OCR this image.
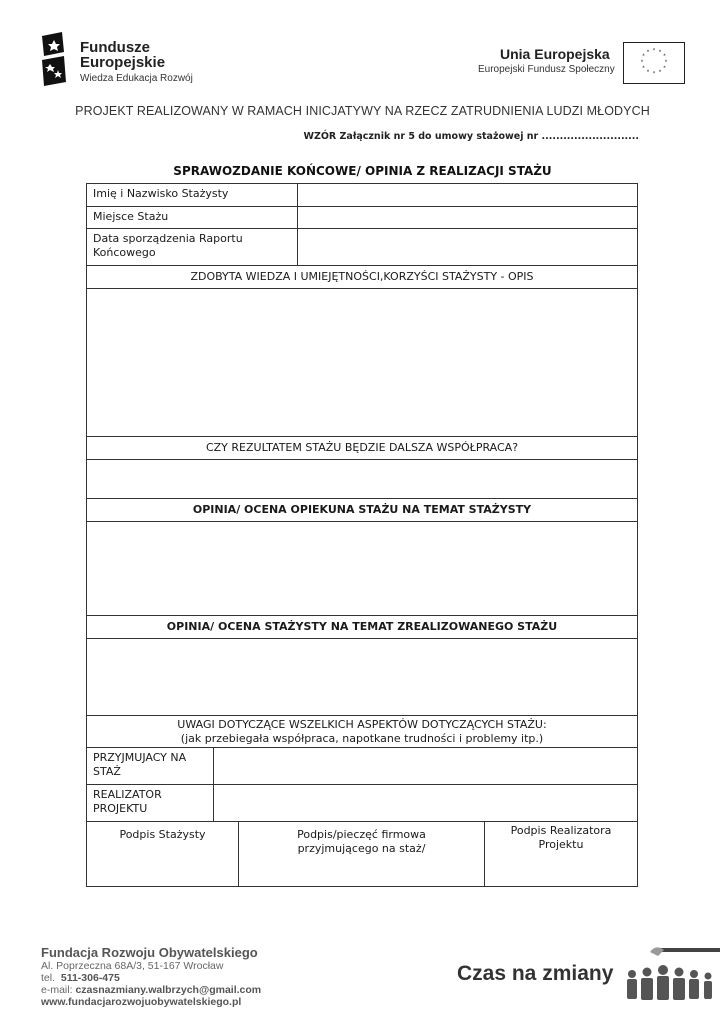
Fundusze
Europejskie
Wiedza Edukacja Rozwój
Unia Europejska
Europejski Fundusz Społeczny
* *
*
*
*
*
*
*
*
*
*
*
PROJEKT REALIZOWANY W RAMACH INICJATYWY NA RZECZ ZATRUDNIENIA LUDZI MŁODYCH
WZÓR Załącznik nr 5 do umowy stażowej nr ...........................
SPRAWOZDANIE KOŃCOWE/ OPINIA Z REALIZACJI STAŻU
Imię i Nazwisko Stażysty
Miejsce Stażu
Data sporządzenia Raportu Końcowego
ZDOBYTA WIEDZA I UMIEJĘTNOŚCI,KORZYŚCI STAŻYSTY - OPIS
CZY REZULTATEM STAŻU BĘDZIE DALSZA WSPÓŁPRACA?
OPINIA/ OCENA OPIEKUNA STAŻU NA TEMAT STAŻYSTY
OPINIA/ OCENA STAŻYSTY NA TEMAT ZREALIZOWANEGO STAŻU
UWAGI DOTYCZĄCE WSZELKICH ASPEKTÓW DOTYCZĄCYCH STAŻU:
(jak przebiegała współpraca, napotkane trudności i problemy itp.)
PRZYJMUJACY NA STAŻ
REALIZATOR PROJEKTU
Podpis Stażysty	Podpis/pieczęć firmowa przyjmującego na staż/
Podpis Realizatora Projektu
Fundacja Rozwoju Obywatelskiego
Al. Poprzeczna 68A/3, 51-167 Wrocław
tel. 511-306-475
e-mail: czasnazmiany.walbrzych@gmail.com
www.fundacjarozwojuobywatelskiego.pl
Czas na zmiany
